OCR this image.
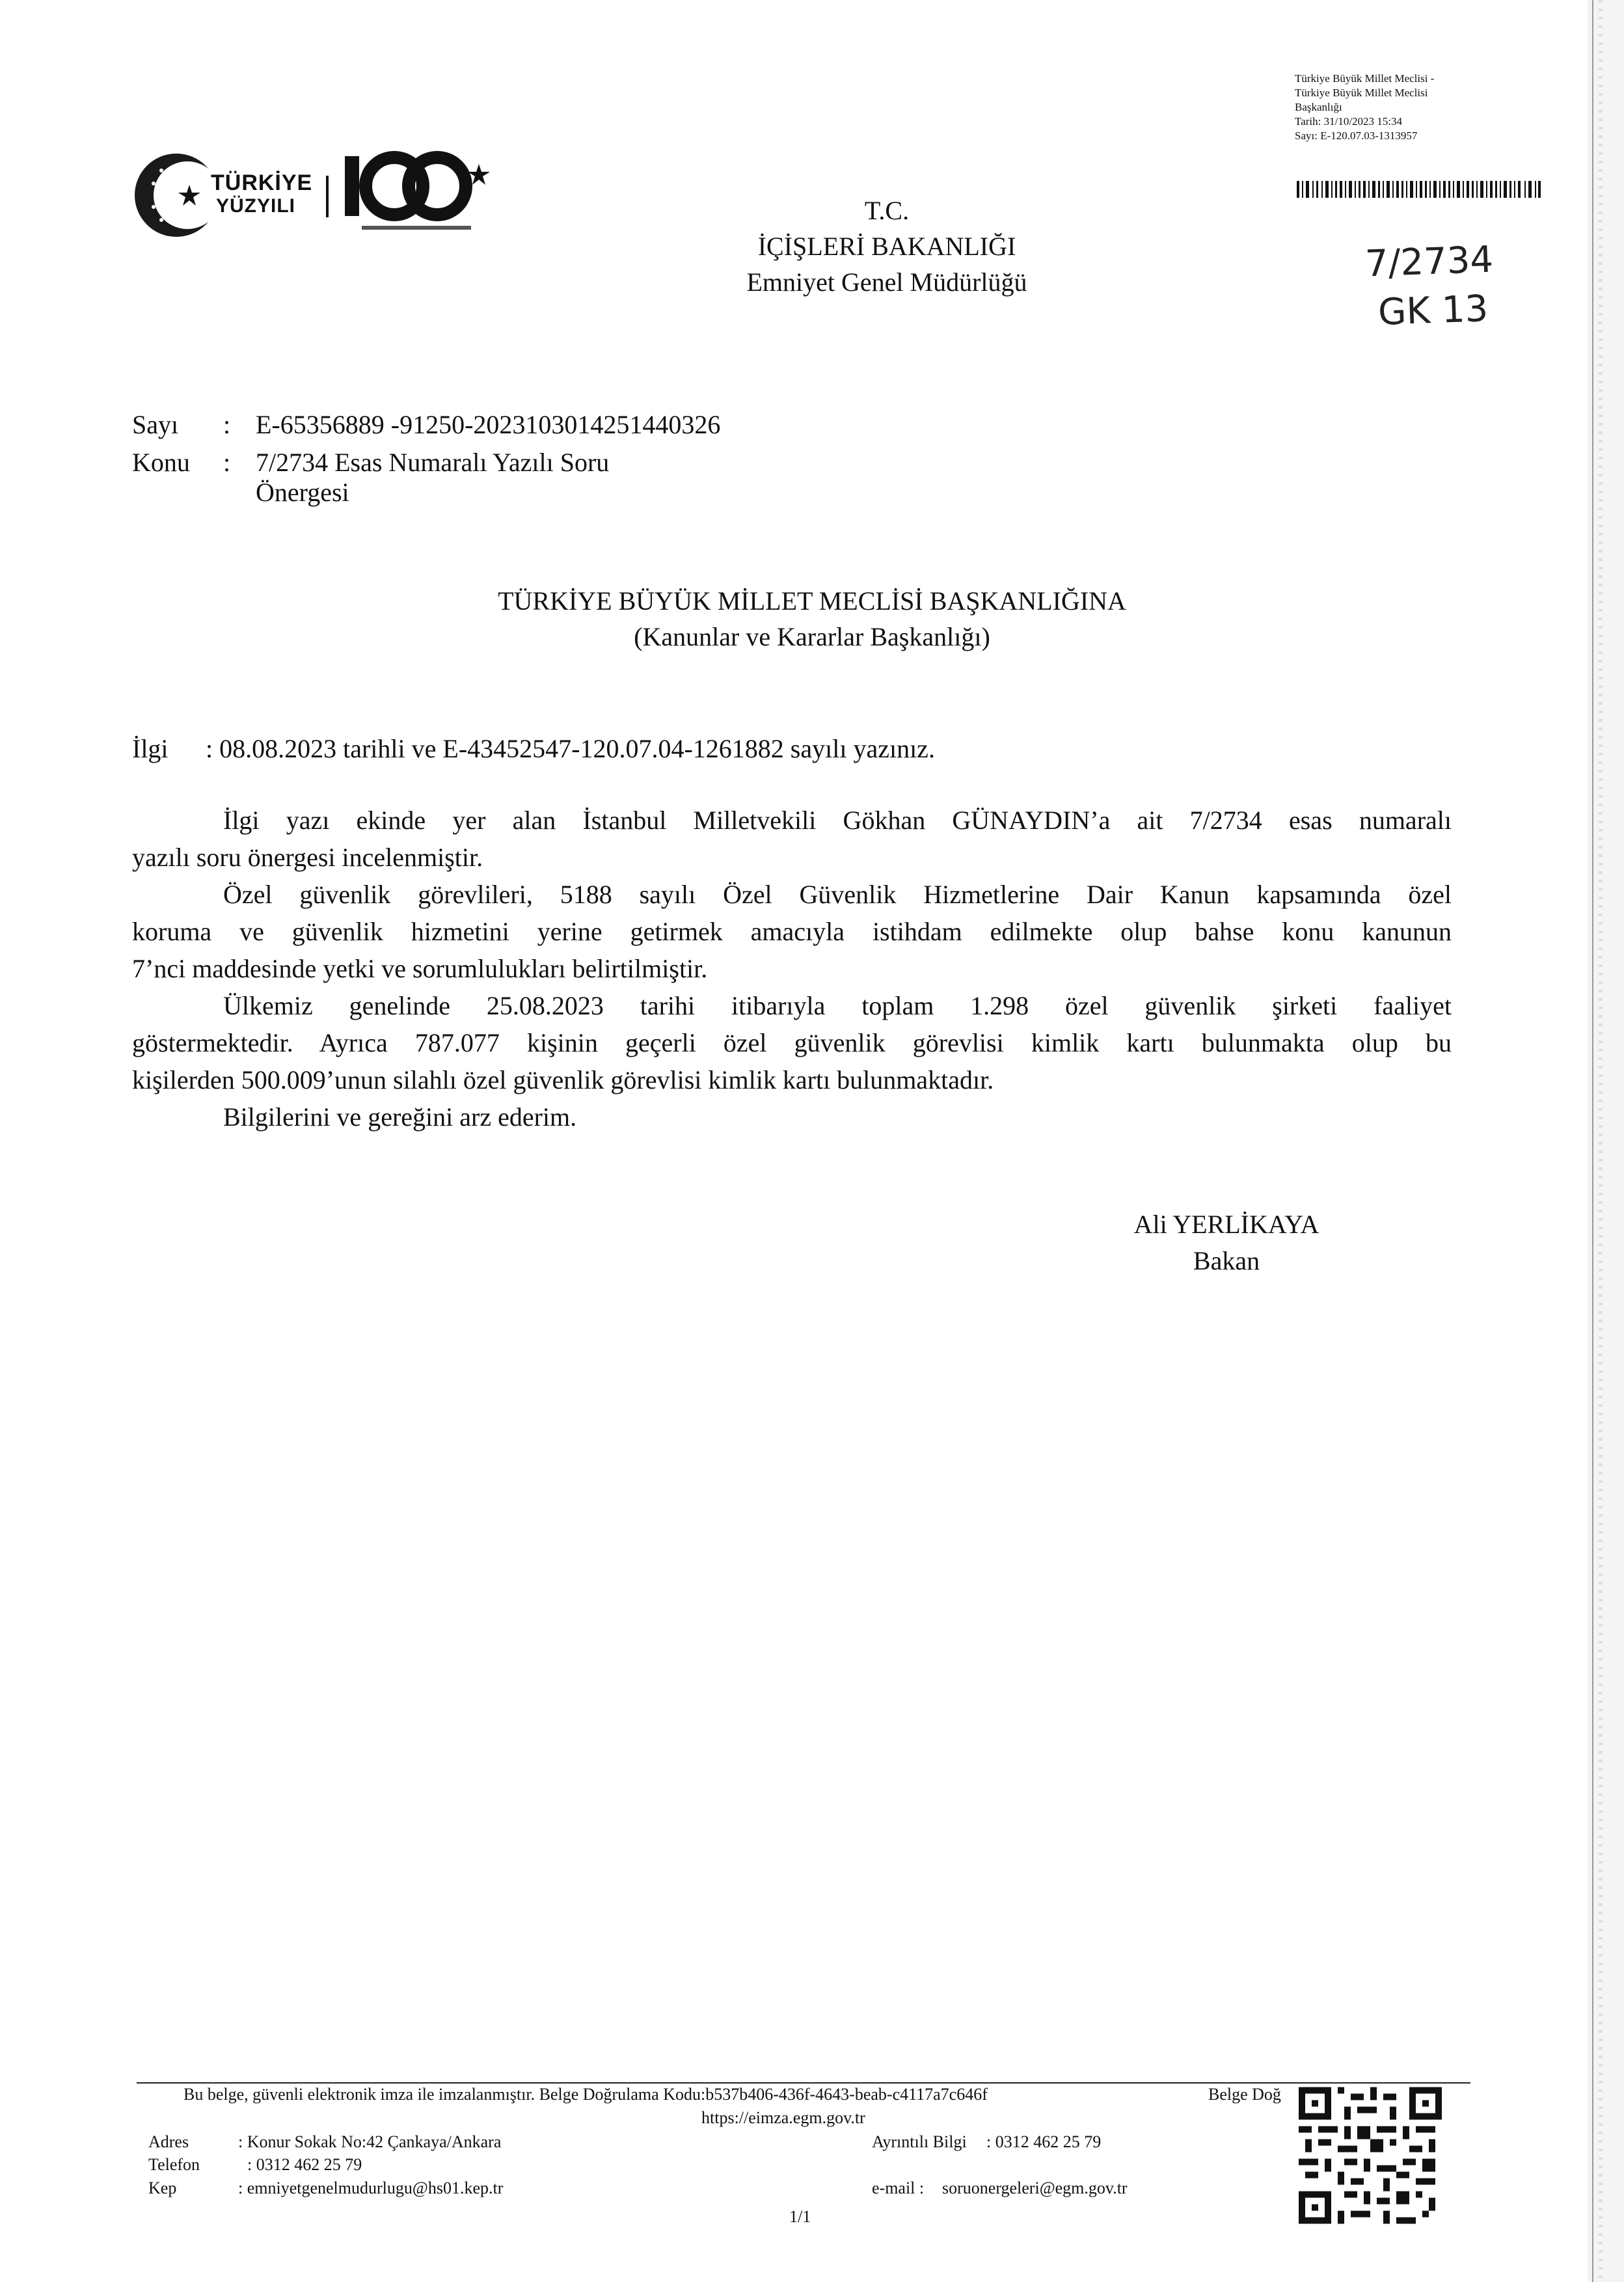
TÜRKİYE
YÜZYILI
Türkiye Büyük Millet Meclisi -
Türkiye Büyük Millet Meclisi
Başkanlığı
Tarih: 31/10/2023 15:34
Sayı: E-120.07.03-1313957
7/2734
GK 13
T.C.
İÇİŞLERİ BAKANLIĞI
Emniyet Genel Müdürlüğü
Sayı : E-65356889 -91250-2023103014251440326
Konu : 7/2734 Esas Numaralı Yazılı Soru
Önergesi
TÜRKİYE BÜYÜK MİLLET MECLİSİ BAŞKANLIĞINA
(Kanunlar ve Kararlar Başkanlığı)
İlgi : 08.08.2023 tarihli ve E-43452547-120.07.04-1261882 sayılı yazınız.

İlgi yazı ekinde yer alan İstanbul Milletvekili Gökhan GÜNAYDIN’a ait 7/2734 esas numaralı

yazılı soru önergesi incelenmiştir.

Özel güvenlik görevlileri, 5188 sayılı Özel Güvenlik Hizmetlerine Dair Kanun kapsamında özel

koruma ve güvenlik hizmetini yerine getirmek amacıyla istihdam edilmekte olup bahse konu kanunun

7’nci maddesinde yetki ve sorumlulukları belirtilmiştir.

Ülkemiz genelinde 25.08.2023 tarihi itibarıyla toplam 1.298 özel güvenlik şirketi faaliyet

göstermektedir. Ayrıca 787.077 kişinin geçerli özel güvenlik görevlisi kimlik kartı bulunmakta olup bu

kişilerden 500.009’unun silahlı özel güvenlik görevlisi kimlik kartı bulunmaktadır.

Bilgilerini ve gereğini arz ederim.

Ali YERLİKAYA
Bakan
Bu belge, güvenli elektronik imza ile imzalanmıştır. Belge Doğrulama Kodu:b537b406-436f-4643-beab-c4117a7c646f	Belge Doğ
https://eimza.egm.gov.tr
Adres	: Konur Sokak No:42 Çankaya/Ankara
Telefon	: 0312 462 25 79
Kep	: emniyetgenelmudurlugu@hs01.kep.tr
Ayrıntılı Bilgi : 0312 462 25 79
e-mail : soruonergeleri@egm.gov.tr
1/1
